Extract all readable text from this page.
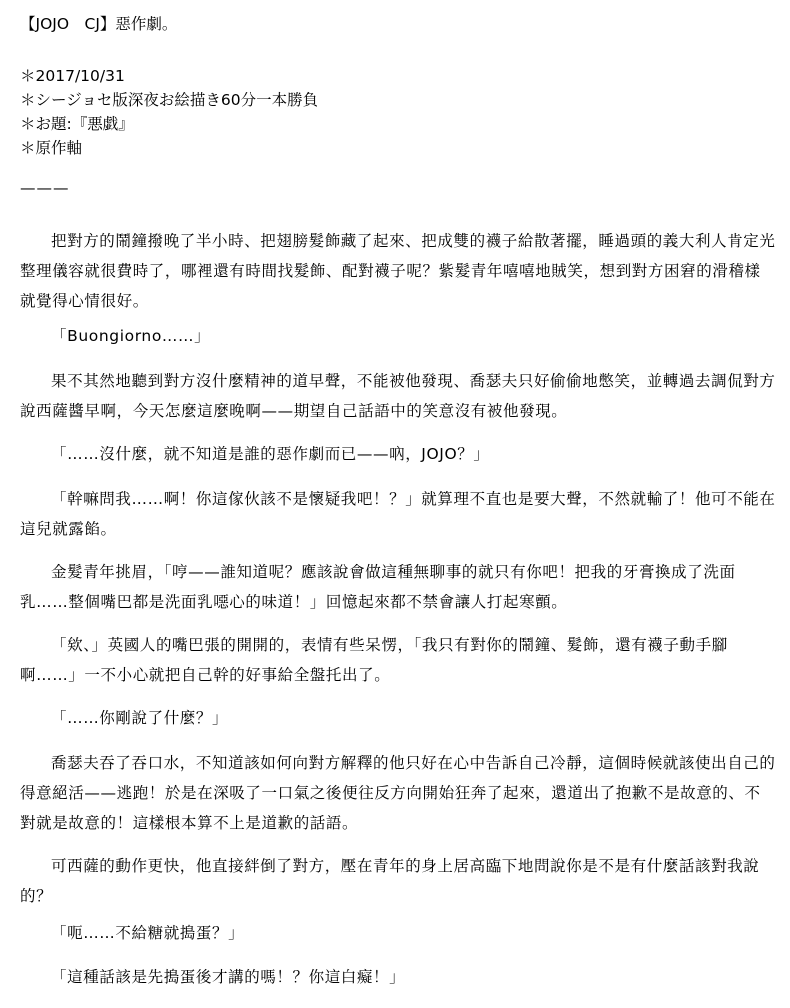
【JOJO　CJ】惡作劇。
＊2017/10/31
＊シージョセ版深夜お絵描き60分一本勝負
＊お題:『悪戯』
＊原作軸
———

把對方的鬧鐘撥晚了半小時、把翅膀髮飾藏了起來、把成雙的襪子給散著擺，睡過頭的義大利人肯定光整理儀容就很費時了，哪裡還有時間找髮飾、配對襪子呢？紫髮青年嘻嘻地賊笑，想到對方困窘的滑稽樣就覺得心情很好。

「Buongiorno……」

果不其然地聽到對方沒什麼精神的道早聲，不能被他發現、喬瑟夫只好偷偷地憋笑，並轉過去調侃對方說西薩醬早啊，今天怎麼這麼晚啊——期望自己話語中的笑意沒有被他發現。

「……沒什麼，就不知道是誰的惡作劇而已——吶，JOJO？」

「幹嘛問我……啊！你這傢伙該不是懷疑我吧！？」就算理不直也是要大聲，不然就輸了！他可不能在這兒就露餡。

金髮青年挑眉，「哼——誰知道呢？應該說會做這種無聊事的就只有你吧！把我的牙膏換成了洗面乳……整個嘴巴都是洗面乳噁心的味道！」回憶起來都不禁會讓人打起寒顫。

「欸、」英國人的嘴巴張的開開的，表情有些呆愣，「我只有對你的鬧鐘、髮飾，還有襪子動手腳啊……」一不小心就把自己幹的好事給全盤托出了。

「……你剛說了什麼？」

喬瑟夫吞了吞口水，不知道該如何向對方解釋的他只好在心中告訴自己冷靜，這個時候就該使出自己的得意絕活——逃跑！於是在深吸了一口氣之後便往反方向開始狂奔了起來，還道出了抱歉不是故意的、不對就是故意的！這樣根本算不上是道歉的話語。

可西薩的動作更快，他直接絆倒了對方，壓在青年的身上居高臨下地問說你是不是有什麼話該對我說的？

「呃……不給糖就搗蛋？」

「這種話該是先搗蛋後才講的嗎！？你這白癡！」
